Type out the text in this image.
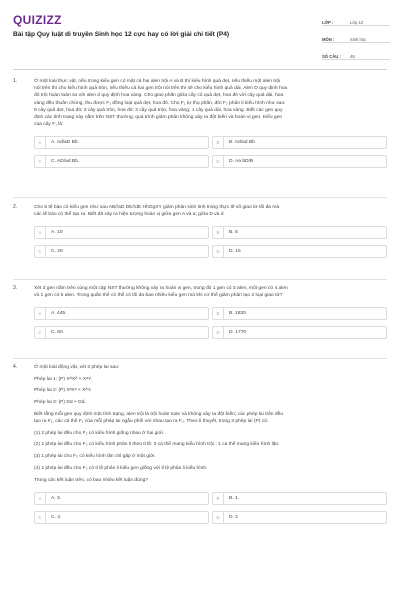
QUIZIZZ
Bài tập Quy luật di truyền Sinh học 12 cực hay có lời giải chi tiết (P4)
LỚP :	Lớp 12
MÔN :	Sinh học
SỐ CÂU :	48
1.	Ở một loài thực vật, nếu trong kiểu gen có mặt cả hai alen trội A và B thì kiểu hình quả dẹt, nếu thiếu một alen trội
nói trên thì cho kiểu hình quả tròn, nếu thiếu cả hai gen trội nói trên thì sẽ cho kiểu hình quả dài. Alen D quy định hoa
đỏ trội hoàn toàn so với alen d quy định hoa vàng. Cho giao phấn giữa cây có quả dẹt, hoa đỏ với cây quả dài, hoa
vàng đều thuần chủng, thu được F₁ đồng loạt quả dẹt, hoa đỏ. Cho F₁ tự thụ phấn, đời F₂ phân li kiểu hình như sau:
9 cây quả dẹt, hoa đỏ; 3 cây quả tròn, hoa đỏ; 3 cây quả tròn, hoa vàng; 1 cây quả dài, hoa vàng. Biết các gen quy
định các tính trạng này nằm trên NST thường, quá trình giảm phân không xảy ra đột biến và hoán vị gen. Kiểu gen
của cây F₁ là:
A	A. Ad/aD Bb.	B	B. Ad/ad Bb
C	C. AD/ad Bb.	D	D. Aa bD/B
2.	Cho 5 tế bào có kiểu gen như sau AB//aD DE//dE HhGgXY giảm phân sinh tinh trùng thực tế số giao tử tối đa mà
các tế bào có thể tạo ra. Biết đã xảy ra hiện tượng hoán vị giữa gen A và a; giữa D và d
A	A. 10	B	B. 5
C	C. 20	D	D. 15
3.	Xét 3 gen nằm trên cùng một cặp NST thường không xảy ra hoán vị gen, trong đó 1 gen có 3 alen, một gen có 4 alen
và 1 gen có 5 alen. Trong quần thể có thể có tối đa bao nhiêu kiểu gen mà khi cơ thể giảm phân tạo 2 loại giao tử?
A	A. 445.	B	B. 1830
C	C. 60.	D	D. 1770
4.	Ở một loài động vật, xét 3 phép lai sau:
Phép lai 1: (P) XᴬXᴬ × XᵃY.
Phép lai 2: (P) XᵃXᵃ × XᴬY.
Phép lai 3: (P) Dd × Dd.
Biết rằng mỗi gen quy định một tính trạng, alen trội là trội hoàn toàn và không xảy ra đột biến; các phép lai trên đều
tạo ra F₁, các cá thể F₁ của mỗi phép lai ngẫu phối với nhau tạo ra F₂. Theo lí thuyết, trong 3 phép lai (P) có:
(1) 2 phép lai đều cho F₂ có kiểu hình giống nhau ở hai giới.
(2) 2 phép lai đều cho F₂ có kiểu hình phân li theo tỉ lệ: 3 cá thể mang kiểu hình trội : 1 cá thể mang kiểu hình lặn.
(3) 1 phép lai cho F₂ có kiểu hình lặn chỉ gặp ở một giới.
(4) 2 phép lai đều cho F₂ có tỉ lệ phân li kiểu gen giống với tỉ lệ phân li kiểu hình.
Trong các kết luận trên, có bao nhiêu kết luận đúng?
A	A. 3.	B	B. 1.
C	C. 4.	D	D. 2
